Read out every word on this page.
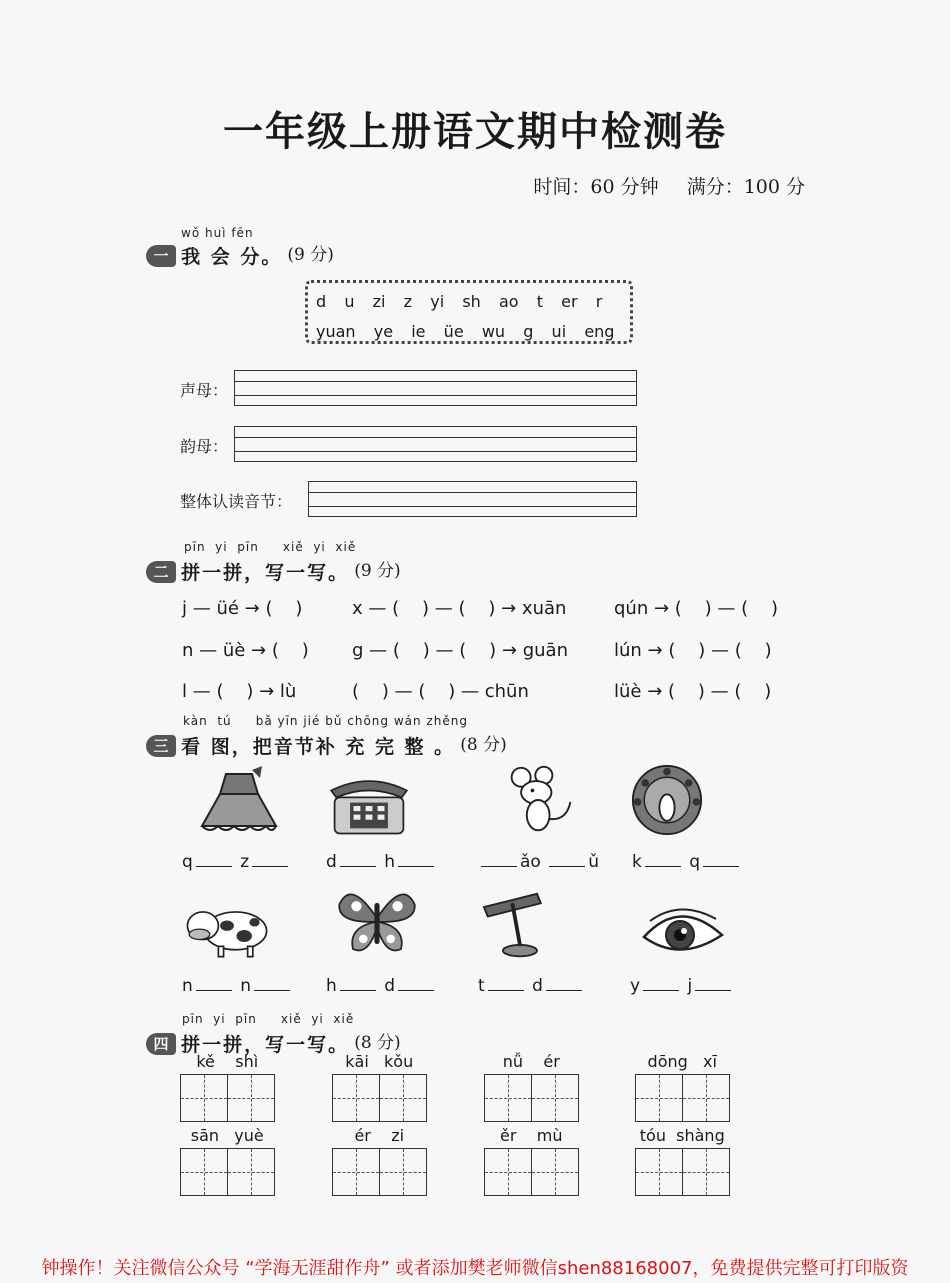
一年级上册语文期中检测卷
时间：60 分钟 满分：100 分
wǒ huì fēn
一 我 会 分。 (9 分)
d  u  zi  z  yi  sh  ao  t  er  r
yuan  ye  ie  üe  wu  g  ui  eng
声母：
韵母：
整体认读音节：
pīn  yi  pīn     xiě  yi  xiě
二 拼一拼，写一写。 (9 分)
j — üé → (    )	x — (    ) — (    ) → xuān	qún → (    ) — (    )
n — üè → (    ) g — (    ) — (    ) → guān	lún → (    ) — (    )
l — (    ) → lù	(    ) — (    ) — chūn	lüè → (    ) — (    )
kàn  tú     bǎ yīn jié bǔ chōng wán zhěng
三 看 图，把音节补 充 完 整 。 (8 分)
q	z	d	h	ǎo	ǔ k	q
n	n	h	d	t	d	y	j
pīn  yi  pīn     xiě  yi  xiě
四 拼一拼，写一写。 (8 分)
kě    shì	kāi   kǒu	nǚ    ér	dōng   xī
sān   yuè	ér    zi	ěr    mù	tóu  shàng
钟操作！关注微信公众号 “学海无涯甜作舟” 或者添加樊老师微信shen88168007，免费提供完整可打印版资
